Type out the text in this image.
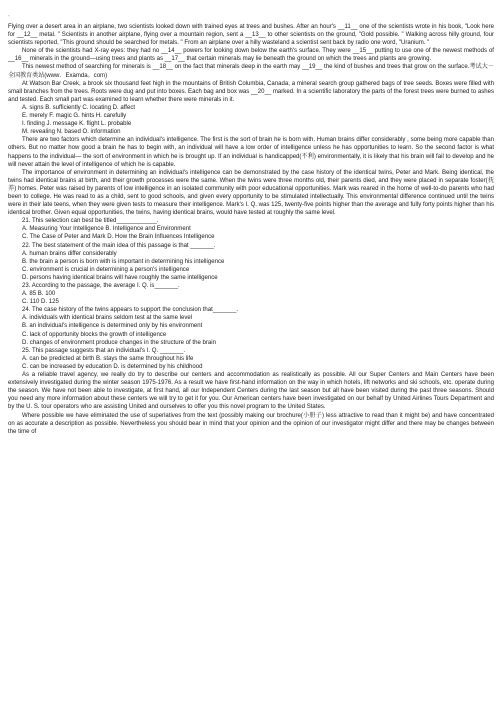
▫

Flying over a desert area in an airplane, two scientists looked down with trained eyes at trees and bushes. After an hour's __11__ one of the scientists wrote in his book, "Look here for __12__ metal. " Scientists in another airplane, flying over a mountain region, sent a __13__ to other scientists on the ground, "Gold possible. " Walking across hilly ground, four scientists reported, "This ground should be searched for metals. " From an airplane over a hilly wasteland a scientist sent back by radio one word, "Uranium. "

None of the scientists had X-ray eyes: they had no __14__ powers for looking down below the earth's surface. They were __15__ putting to use one of the newest methods of __16__ minerals in the ground—using trees and plants as __17__ that certain minerals may lie beneath the ground on which the trees and plants are growing.

This newest method of searching for minerals is __18__ on the fact that minerals deep in the earth may __19__ the kind of bushes and trees that grow on the surface.考试大－全国教育类站(www．Examda。com)

At Watson Bar Creek, a brook six thousand feet high in the mountains of British Columbia, Canada, a mineral search group gathered bags of tree seeds. Boxes were filled with small branches from the trees. Roots were dug and put into boxes. Each bag and box was __20__ marked. In a scientific laboratory the parts of the forest trees were burned to ashes and tested. Each small part was examined to learn whether there were minerals in it.

A. signs B. sufficiently C. locating D. affect

E. merely F. magic G. hints H. carefully

I. finding J. message K. flight L. probable

M. revealing N. based O. information

There are two factors which determine an individual's intelligence. The first is the sort of brain he is born with. Human brains differ considerably , some being more capable than others. But no matter how good a brain he has to begin with, an individual will have a low order of intelligence unless he has opportunities to learn. So the second factor is what happens to the individual— the sort of environment in which he is brought up. If an individual is handicapped(不利) environmentally, it is likely that his brain will fail to develop and he will never attain the level of intelligence of which he is capable.

The importance of environment in determining an individual's intelligence can be demonstrated by the case history of the identical twins, Peter and Mark. Being identical, the twins had identical brains at birth, and their growth processes were the same. When the twins were three months old, their parents died, and they were placed in separate foster(抚养) homes. Peter was raised by parents of low intelligence in an isolated community with poor educational opportunities. Mark was reared in the home of well-to-do parents who had been to college. He was read to as a child, sent to good schools, and given every opportunity to be stimulated intellectually. This environmental difference continued until the twins were in their late teens, when they were given tests to measure their intelligence. Mark's I. Q. was 125, twenty-five points higher than the average and fully forty points higher than his identical brother. Given equal opportunities, the twins, having identical brains, would have tested at roughly the same level.

21. This selection can best be titled____________.

A. Measuring Your Intelligence B. Intelligence and Environment

C. The Case of Peter and Mark D. How the Brain Influences Intelligence

22. The best statement of the main idea of this passage is that _______.

A. human brains differ considerably

B. the brain a person is born with is important in determining his intelligence

C. environment is crucial in determining a person's intelligence

D. persons having identical brains will have roughly the same intelligence

23. According to the passage, the average I. Q. is_______.

A. 85 B. 100

C. 110 D. 125

24. The case history of the twins appears to support the conclusion that_______.

A. individuals with identical brains seldom test at the same level

B. an individual's intelligence is determined only by his environment

C. lack of opportunity blocks the growth of intelligence

D. changes of environment produce changes in the structure of the brain

25. This passage suggests that an individual's I. Q. _______.

A. can be predicted at birth B. stays the same throughout his life

C. can be increased by education D. is determined by his childhood

As a reliable travel agency, we really do try to describe our centers and accommodation as realistically as possible. All our Super Centers and Main Centers have been extensively investigated during the winter season 1975-1976. As a result we have first-hand information on the way in which hotels, lift networks and ski schools, etc. operate during the season. We have not been able to investigate, at first hand, all our Independent Centers during the last season but all have been visited during the past three seasons. Should you need any more information about these centers we will try to get it for you. Our American centers have been investigated on our behalf by United Airlines Tours Department and by the U. S. tour operators who are assisting United and ourselves to offer you this novel program to the United States.

Where possible we have eliminated the use of superlatives from the text (possibly making our brochure(小册子) less attractive to read than it might be) and have concentrated on as accurate a description as possible. Nevertheless you should bear in mind that your opinion and the opinion of our investigator might differ and there may be changes between the time of
